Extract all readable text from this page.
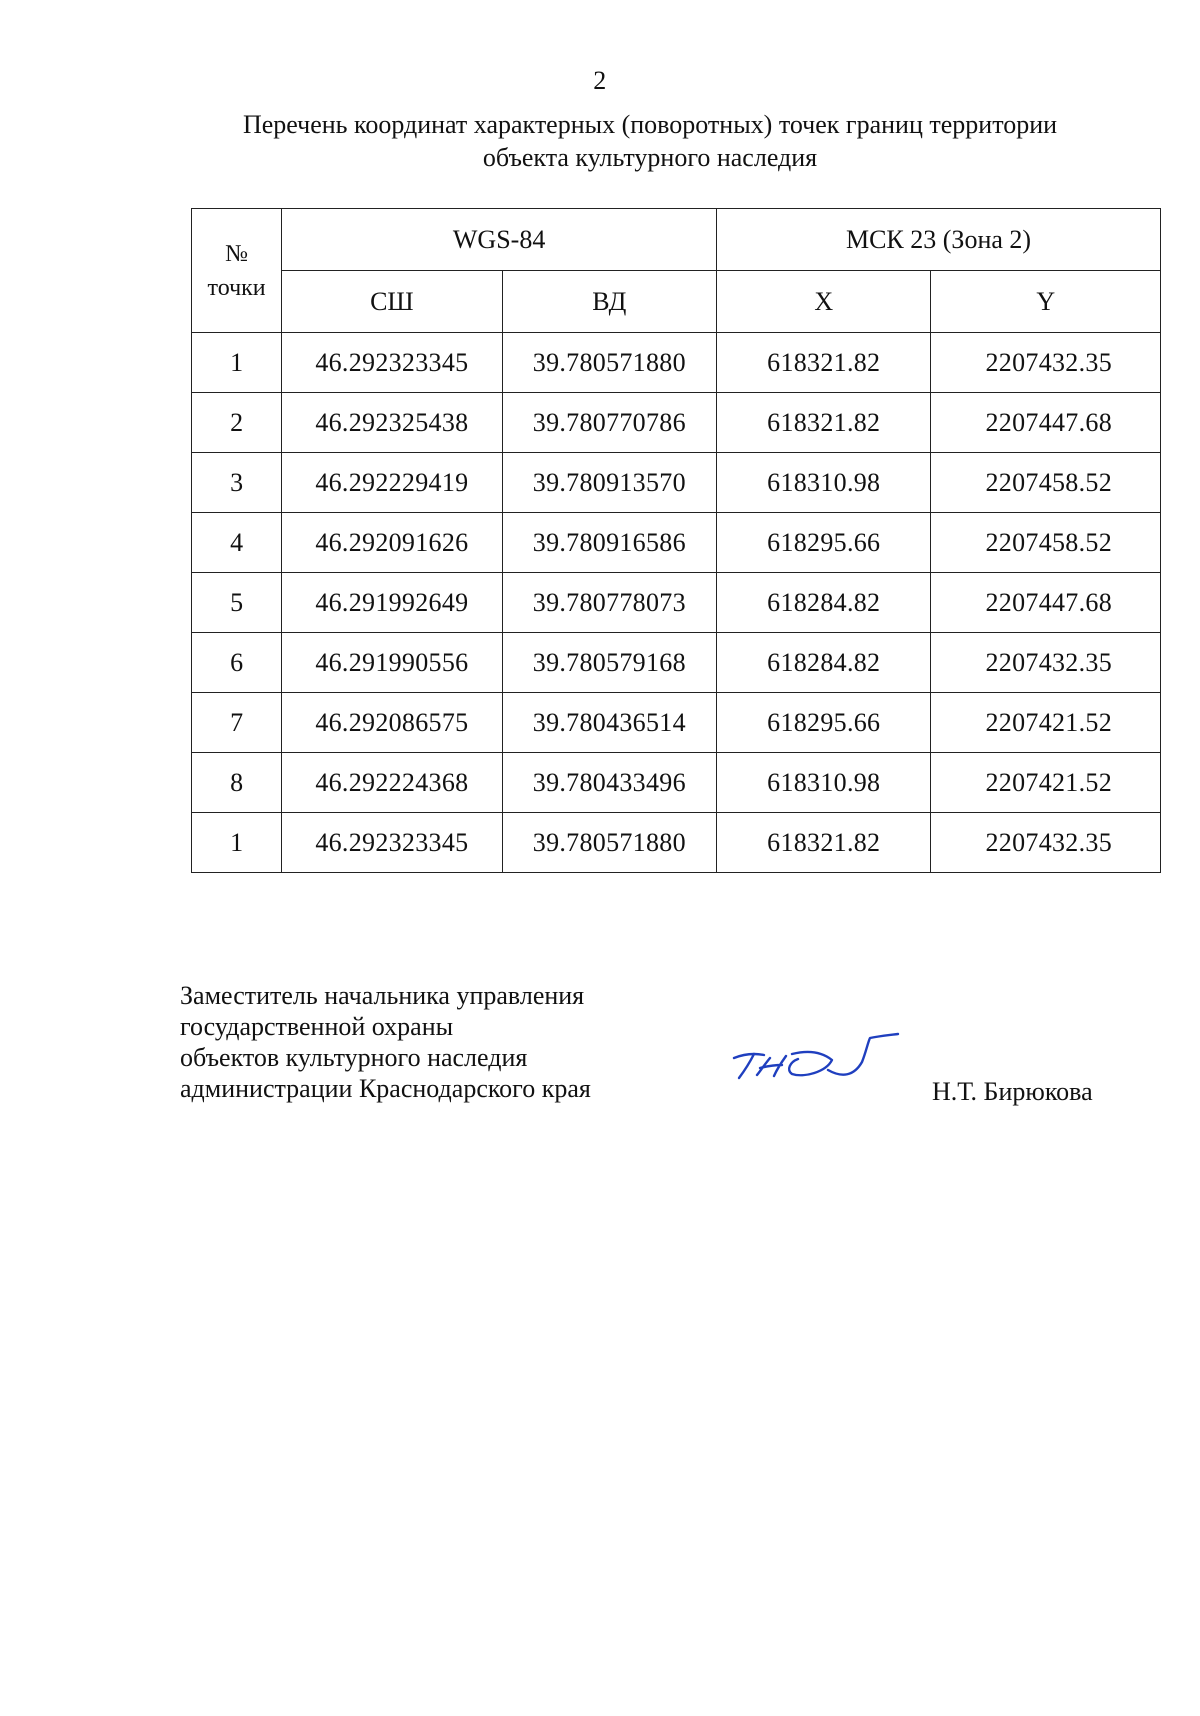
2
Перечень координат характерных (поворотных) точек границ территории
объекта культурного наследия
№
точки	WGS-84		МСК 23 (Зона 2)	
	СШ	ВД	X	Y
1	46.292323345	39.780571880	618321.82	2207432.35
2	46.292325438	39.780770786	618321.82	2207447.68
3	46.292229419	39.780913570	618310.98	2207458.52
4	46.292091626	39.780916586	618295.66	2207458.52
5	46.291992649	39.780778073	618284.82	2207447.68
6	46.291990556	39.780579168	618284.82	2207432.35
7	46.292086575	39.780436514	618295.66	2207421.52
8	46.292224368	39.780433496	618310.98	2207421.52
1	46.292323345	39.780571880	618321.82	2207432.35
Заместитель начальника управления
государственной охраны
объектов культурного наследия
администрации Краснодарского края	Н.Т. Бирюкова
